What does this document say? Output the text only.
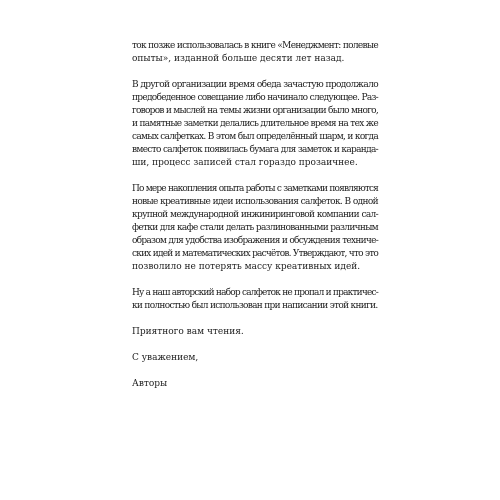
ток позже использовалась в книге «Менеджмент: полевые
опыты», изданной больше десяти лет назад.

В другой организации время обеда зачастую продолжало
предобеденное совещание либо начинало следующее. Раз-
говоров и мыслей на темы жизни организации было много,
и памятные заметки делались длительное время на тех же
самых салфетках. В этом был определённый шарм, и когда
вместо салфеток появилась бумага для заметок и каранда-
ши, процесс записей стал гораздо прозаичнее.

По мере накопления опыта работы с заметками появляются
новые креативные идеи использования салфеток. В одной
крупной международной инжиниринговой компании сал-
фетки для кафе стали делать разлинованными различным
образом для удобства изображения и обсуждения техниче-
ских идей и математических расчётов. Утверждают, что это
позволило не потерять массу креативных идей.

Ну а наш авторский набор салфеток не пропал и практичес-
ки полностью был использован при написании этой книги.

Приятного вам чтения.

С уважением,

Авторы
